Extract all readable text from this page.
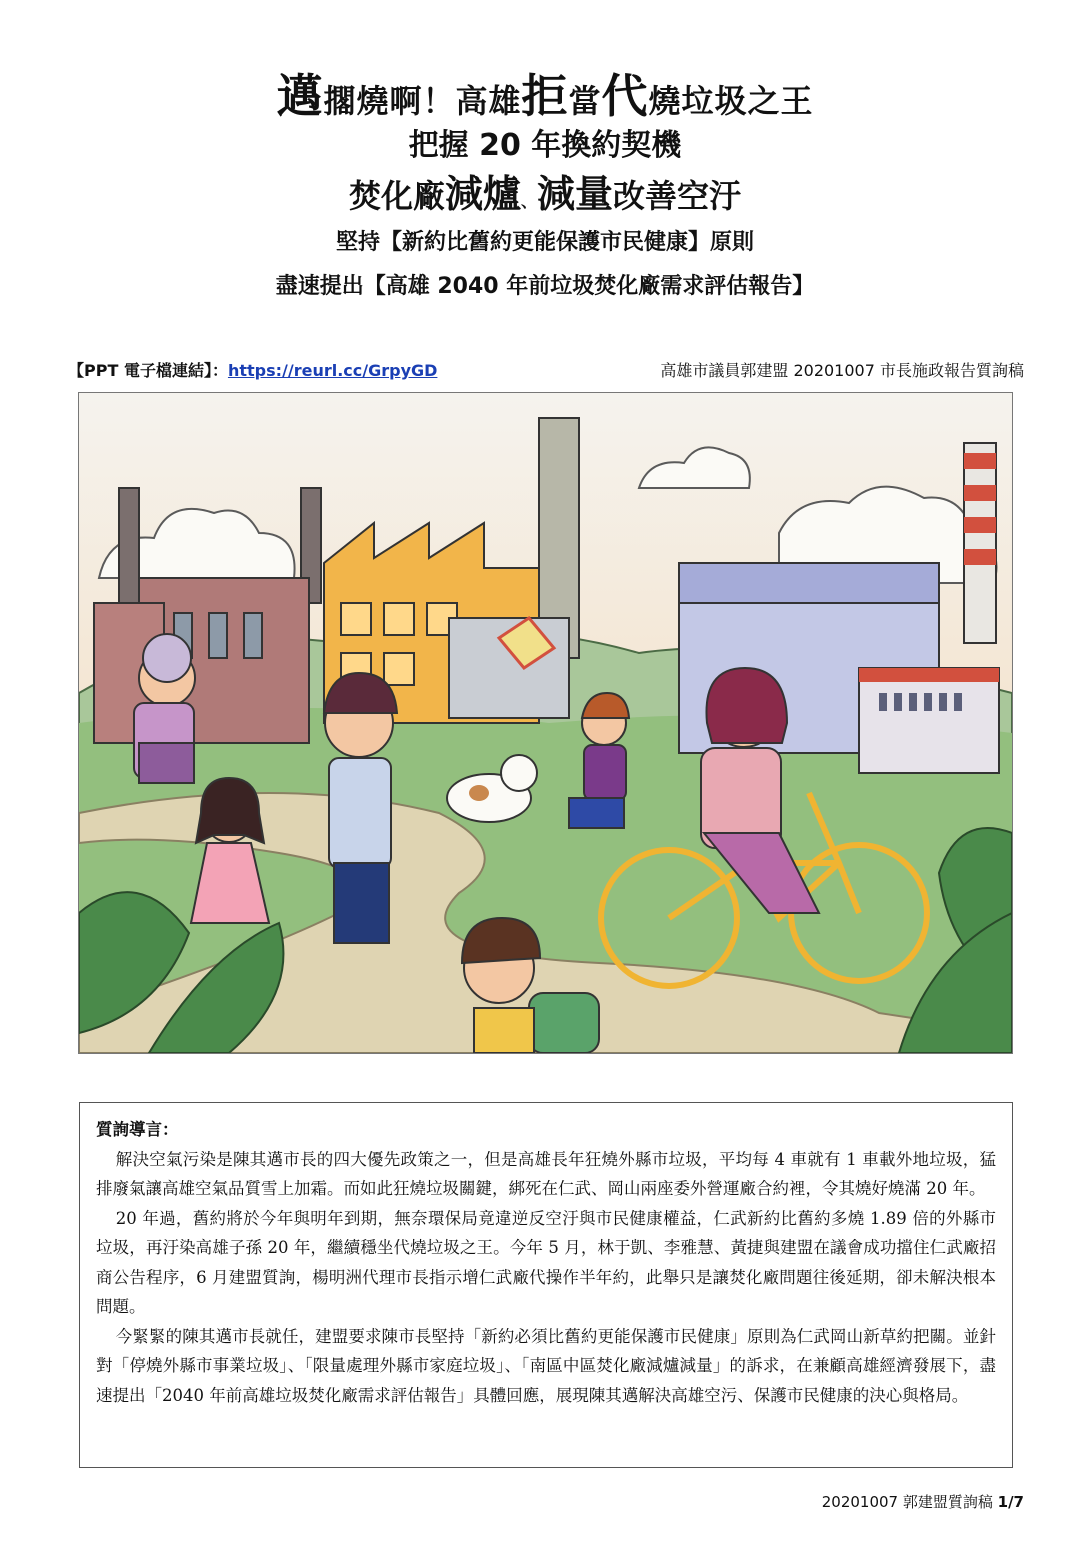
邁擱燒啊！高雄拒當代燒垃圾之王
把握 20 年換約契機
焚化廠減爐、減量改善空汙
堅持【新約比舊約更能保護市民健康】原則
盡速提出【高雄 2040 年前垃圾焚化廠需求評估報告】
【PPT 電子檔連結】：https://reurl.cc/GrpyGD	高雄市議員郭建盟 20201007 市長施政報告質詢稿
質詢導言：

解決空氣污染是陳其邁市長的四大優先政策之一，但是高雄長年狂燒外縣市垃圾，平均每 4 車就有 1 車載外地垃圾，猛排廢氣讓高雄空氣品質雪上加霜。而如此狂燒垃圾關鍵，綁死在仁武、岡山兩座委外營運廠合約裡，令其燒好燒滿 20 年。

20 年過，舊約將於今年與明年到期，無奈環保局竟違逆反空汙與市民健康權益，仁武新約比舊約多燒 1.89 倍的外縣市垃圾，再汙染高雄子孫 20 年，繼續穩坐代燒垃圾之王。今年 5 月，林于凱、李雅慧、黃捷與建盟在議會成功擋住仁武廠招商公告程序，6 月建盟質詢，楊明洲代理市長指示增仁武廠代操作半年約，此舉只是讓焚化廠問題往後延期，卻未解決根本問題。

今緊緊的陳其邁市長就任，建盟要求陳市長堅持「新約必須比舊約更能保護市民健康」原則為仁武岡山新草約把關。並針對「停燒外縣市事業垃圾」、「限量處理外縣市家庭垃圾」、「南區中區焚化廠減爐減量」的訴求，在兼顧高雄經濟發展下，盡速提出「2040 年前高雄垃圾焚化廠需求評估報告」具體回應，展現陳其邁解決高雄空污、保護市民健康的決心與格局。

20201007 郭建盟質詢稿 1/7
